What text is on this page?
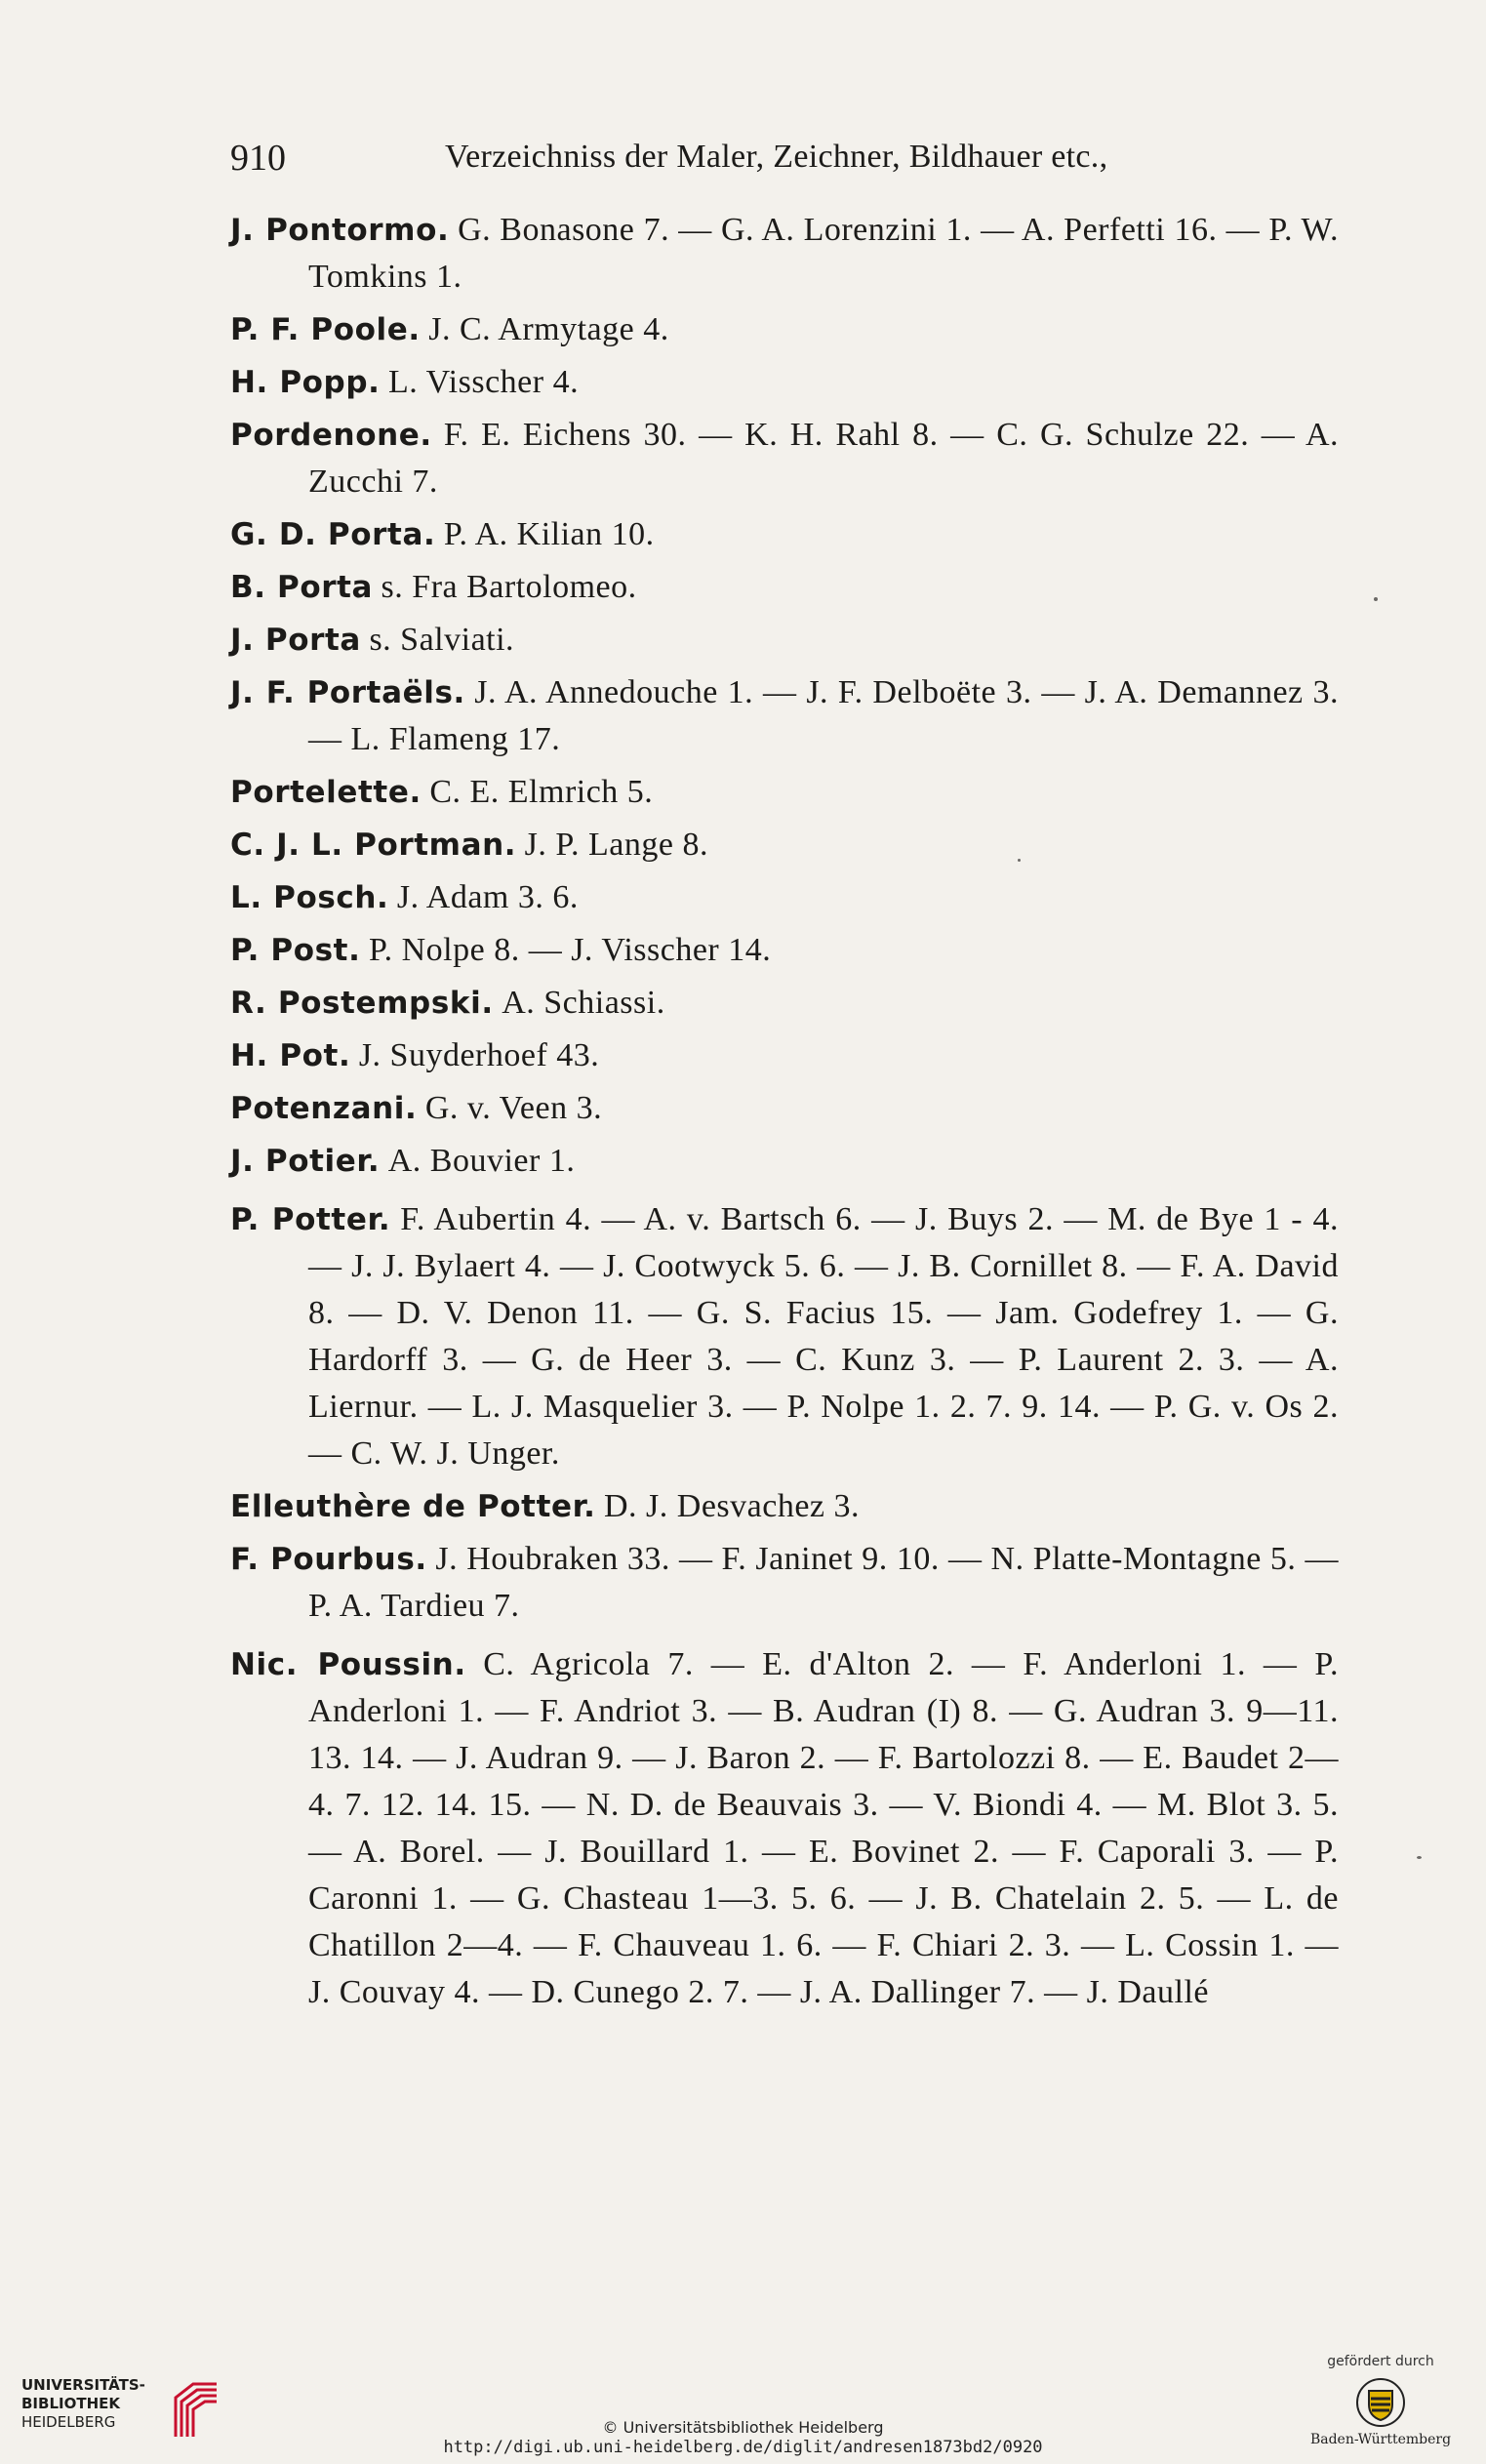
910	Verzeichniss der Maler, Zeichner, Bildhauer etc.,

J. Pontormo. G. Bonasone 7. — G. A. Lorenzini 1. — A. Perfetti 16. — P. W. Tomkins 1.

P. F. Poole. J. C. Armytage 4.

H. Popp. L. Visscher 4.

Pordenone. F. E. Eichens 30. — K. H. Rahl 8. — C. G. Schulze 22. — A. Zucchi 7.

G. D. Porta. P. A. Kilian 10.

B. Porta s. Fra Bartolomeo.

J. Porta s. Salviati.

J. F. Portaëls. J. A. Annedouche 1. — J. F. Delboëte 3. — J. A. Demannez 3. — L. Flameng 17.

Portelette. C. E. Elmrich 5.

C. J. L. Portman. J. P. Lange 8.

L. Posch. J. Adam 3. 6.

P. Post. P. Nolpe 8. — J. Visscher 14.

R. Postempski. A. Schiassi.

H. Pot. J. Suyderhoef 43.

Potenzani. G. v. Veen 3.

J. Potier. A. Bouvier 1.

P. Potter. F. Aubertin 4. — A. v. Bartsch 6. — J. Buys 2. — M. de Bye 1 - 4. — J. J. Bylaert 4. — J. Cootwyck 5. 6. — J. B. Cornillet 8. — F. A. David 8. — D. V. Denon 11. — G. S. Facius 15. — Jam. Godefrey 1. — G. Hardorff 3. — G. de Heer 3. — C. Kunz 3. — P. Laurent 2. 3. — A. Liernur. — L. J. Masquelier 3. — P. Nolpe 1. 2. 7. 9. 14. — P. G. v. Os 2. — C. W. J. Unger.

Elleuthère de Potter. D. J. Desvachez 3.

F. Pourbus. J. Houbraken 33. — F. Janinet 9. 10. — N. Platte-Montagne 5. — P. A. Tardieu 7.

Nic. Poussin. C. Agricola 7. — E. d'Alton 2. — F. Anderloni 1. — P. Anderloni 1. — F. Andriot 3. — B. Audran (I) 8. — G. Audran 3. 9—11. 13. 14. — J. Audran 9. — J. Baron 2. — F. Bartolozzi 8. — E. Baudet 2—4. 7. 12. 14. 15. — N. D. de Beauvais 3. — V. Biondi 4. — M. Blot 3. 5. — A. Borel. — J. Bouillard 1. — E. Bovinet 2. — F. Caporali 3. — P. Caronni 1. — G. Chasteau 1—3. 5. 6. — J. B. Chatelain 2. 5. — L. de Chatillon 2—4. — F. Chauveau 1. 6. — F. Chiari 2. 3. — L. Cossin 1. — J. Couvay 4. — D. Cunego 2. 7. — J. A. Dallinger 7. — J. Daullé

UNIVERSITÄTS-
BIBLIOTHEK
HEIDELBERG	© Universitätsbibliothek Heidelberg
http://digi.ub.uni-heidelberg.de/diglit/andresen1873bd2/0920
gefördert durch
Baden-Württemberg
